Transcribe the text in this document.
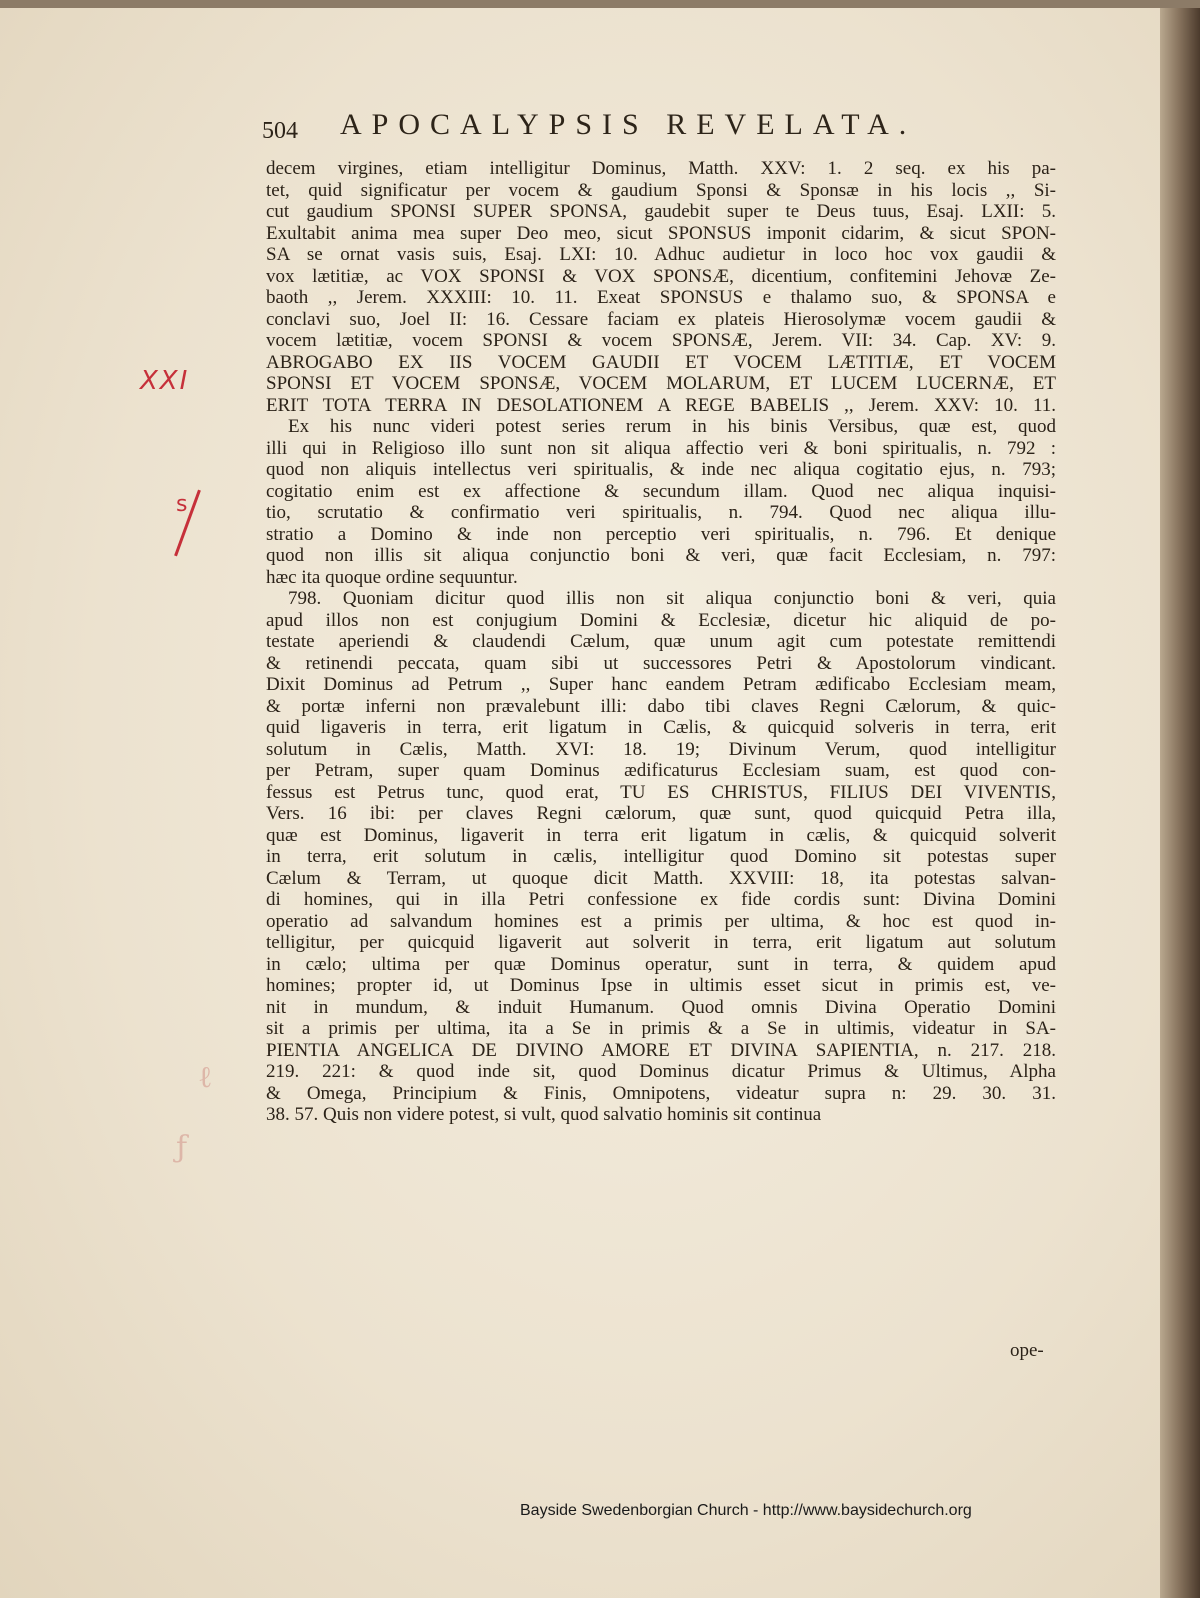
504 APOCALYPSIS REVELATA.
decem virgines, etiam intelligitur Dominus, Matth. XXV: 1. 2 seq. ex his pa-
tet, quid significatur per vocem & gaudium Sponsi & Sponsæ in his locis ,, Si-
cut gaudium SPONSI SUPER SPONSA, gaudebit super te Deus tuus, Esaj. LXII: 5.
Exultabit anima mea super Deo meo, sicut SPONSUS imponit cidarim, & sicut SPON-
SA se ornat vasis suis, Esaj. LXI: 10. Adhuc audietur in loco hoc vox gaudii &
vox lætitiæ, ac VOX SPONSI & VOX SPONSÆ, dicentium, confitemini Jehovæ Ze-
baoth ,, Jerem. XXXIII: 10. 11. Exeat SPONSUS e thalamo suo, & SPONSA e
conclavi suo, Joel II: 16. Cessare faciam ex plateis Hierosolymæ vocem gaudii &
vocem lætitiæ, vocem SPONSI & vocem SPONSÆ, Jerem. VII: 34. Cap. XV: 9.
ABROGABO EX IIS VOCEM GAUDII ET VOCEM LÆTITIÆ, ET VOCEM
SPONSI ET VOCEM SPONSÆ, VOCEM MOLARUM, ET LUCEM LUCERNÆ, ET
ERIT TOTA TERRA IN DESOLATIONEM A REGE BABELIS ,, Jerem. XXV: 10. 11.
Ex his nunc videri potest series rerum in his binis Versibus, quæ est, quod
illi qui in Religioso illo sunt non sit aliqua affectio veri & boni spiritualis, n. 792 :
quod non aliquis intellectus veri spiritualis, & inde nec aliqua cogitatio ejus, n. 793;
cogitatio enim est ex affectione & secundum illam. Quod nec aliqua inquisi-
tio, scrutatio & confirmatio veri spiritualis, n. 794. Quod nec aliqua illu-
stratio a Domino & inde non perceptio veri spiritualis, n. 796. Et denique
quod non illis sit aliqua conjunctio boni & veri, quæ facit Ecclesiam, n. 797:
hæc ita quoque ordine sequuntur.
798. Quoniam dicitur quod illis non sit aliqua conjunctio boni & veri, quia
apud illos non est conjugium Domini & Ecclesiæ, dicetur hic aliquid de po-
testate aperiendi & claudendi Cælum, quæ unum agit cum potestate remittendi
& retinendi peccata, quam sibi ut successores Petri & Apostolorum vindicant.
Dixit Dominus ad Petrum ,, Super hanc eandem Petram ædificabo Ecclesiam meam,
& portæ inferni non prævalebunt illi: dabo tibi claves Regni Cælorum, & quic-
quid ligaveris in terra, erit ligatum in Cælis, & quicquid solveris in terra, erit
solutum in Cælis, Matth. XVI: 18. 19; Divinum Verum, quod intelligitur
per Petram, super quam Dominus ædificaturus Ecclesiam suam, est quod con-
fessus est Petrus tunc, quod erat, TU ES CHRISTUS, FILIUS DEI VIVENTIS,
Vers. 16 ibi: per claves Regni cælorum, quæ sunt, quod quicquid Petra illa,
quæ est Dominus, ligaverit in terra erit ligatum in cælis, & quicquid solverit
in terra, erit solutum in cælis, intelligitur quod Domino sit potestas super
Cælum & Terram, ut quoque dicit Matth. XXVIII: 18, ita potestas salvan-
di homines, qui in illa Petri confessione ex fide cordis sunt: Divina Domini
operatio ad salvandum homines est a primis per ultima, & hoc est quod in-
telligitur, per quicquid ligaverit aut solverit in terra, erit ligatum aut solutum
in cælo; ultima per quæ Dominus operatur, sunt in terra, & quidem apud
homines; propter id, ut Dominus Ipse in ultimis esset sicut in primis est, ve-
nit in mundum, & induit Humanum. Quod omnis Divina Operatio Domini
sit a primis per ultima, ita a Se in primis & a Se in ultimis, videatur in SA-
PIENTIA ANGELICA DE DIVINO AMORE ET DIVINA SAPIENTIA, n. 217. 218.
219. 221: & quod inde sit, quod Dominus dicatur Primus & Ultimus, Alpha
& Omega, Principium & Finis, Omnipotens, videatur supra n: 29. 30. 31.
38. 57. Quis non videre potest, si vult, quod salvatio hominis sit continua
ope-
XXI
s
ℓ
ƒ
Bayside Swedenborgian Church - http://www.baysidechurch.org
